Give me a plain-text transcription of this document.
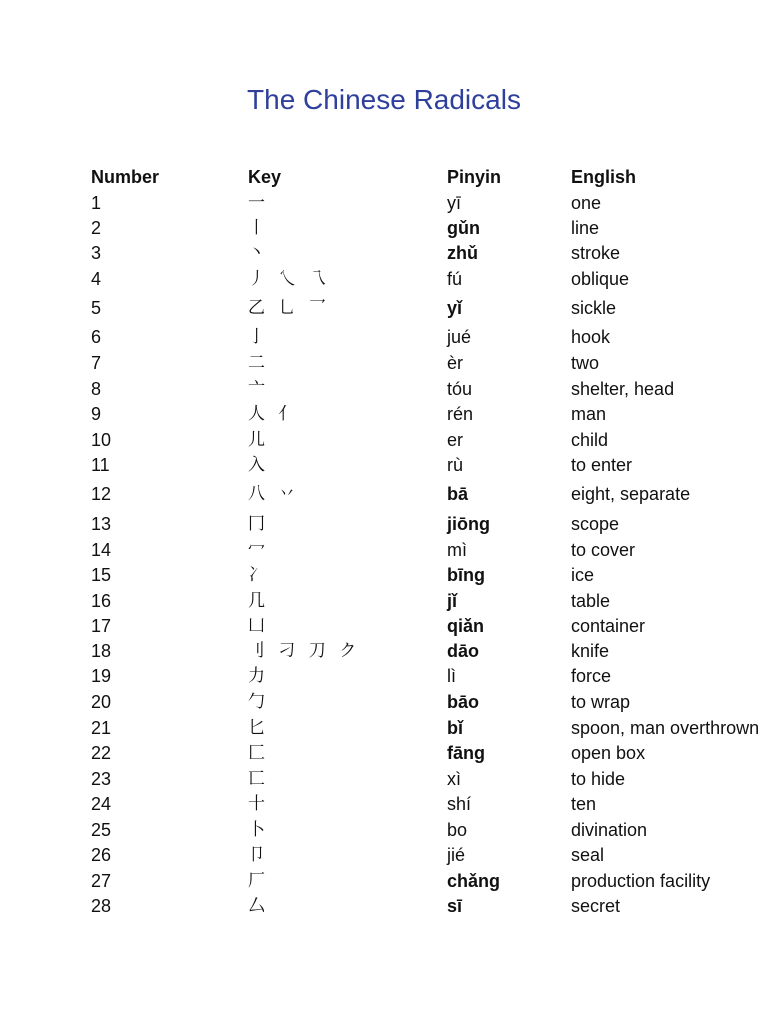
The Chinese Radicals
Number	Key	Pinyin	English
1	一	yī	one
2	丨	gǔn	line
3	丶	zhǔ	stroke
4	丿 乀 乁	fú	oblique
5	乙 乚 乛	yǐ	sickle
6	亅	jué	hook
7	二	èr	two
8	亠	tóu	shelter, head
9	人 亻	rén	man
10	儿	er	child
11	入	rù	to enter
12	八 丷	bā	eight, separate
13	冂	jiōng	scope
14	冖	mì	to cover
15	冫	bīng	ice
16	几	jǐ	table
17	凵	qiǎn	container
18	刂 刁 刀 ク	dāo	knife
19	力	lì	force
20	勹	bāo	to wrap
21	匕	bǐ	spoon, man overthrown
22	匚	fāng	open box
23	匸	xì	to hide
24	十	shí	ten
25	卜	bo	divination
26	卩	jié	seal
27	厂	chǎng	production facility
28	厶	sī	secret
